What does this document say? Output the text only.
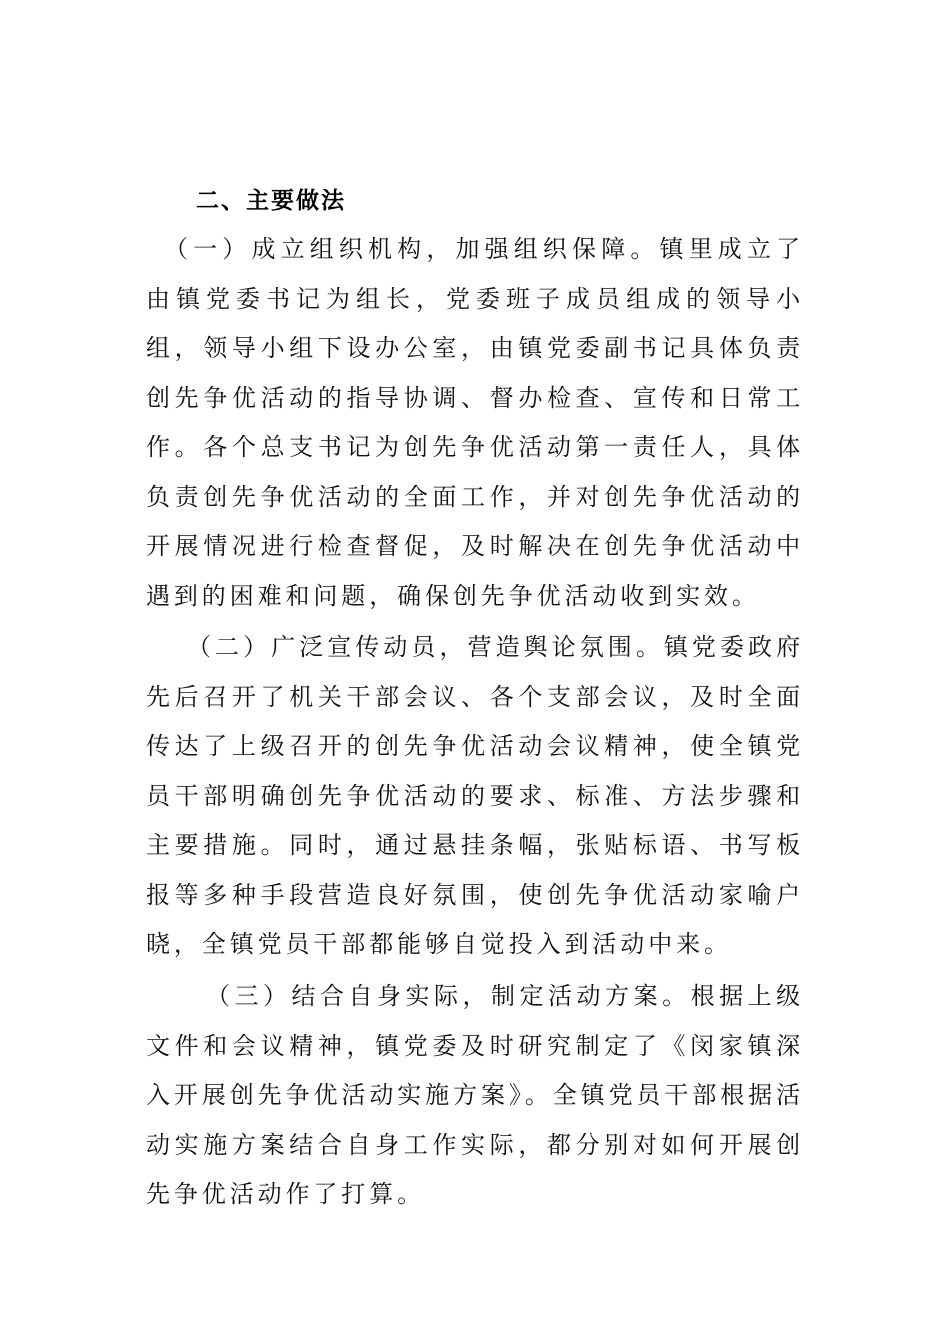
二、主要做法

（一）成立组织机构，加强组织保障。镇里成立了由镇党委书记为组长，党委班子成员组成的领导小组，领导小组下设办公室，由镇党委副书记具体负责创先争优活动的指导协调、督办检查、宣传和日常工作。各个总支书记为创先争优活动第一责任人，具体负责创先争优活动的全面工作，并对创先争优活动的开展情况进行检查督促，及时解决在创先争优活动中遇到的困难和问题，确保创先争优活动收到实效。

（二）广泛宣传动员，营造舆论氛围。镇党委政府先后召开了机关干部会议、各个支部会议，及时全面传达了上级召开的创先争优活动会议精神，使全镇党员干部明确创先争优活动的要求、标准、方法步骤和主要措施。同时，通过悬挂条幅，张贴标语、书写板报等多种手段营造良好氛围，使创先争优活动家喻户晓，全镇党员干部都能够自觉投入到活动中来。

（三）结合自身实际，制定活动方案。根据上级文件和会议精神，镇党委及时研究制定了《闵家镇深入开展创先争优活动实施方案》。全镇党员干部根据活动实施方案结合自身工作实际，都分别对如何开展创先争优活动作了打算。
